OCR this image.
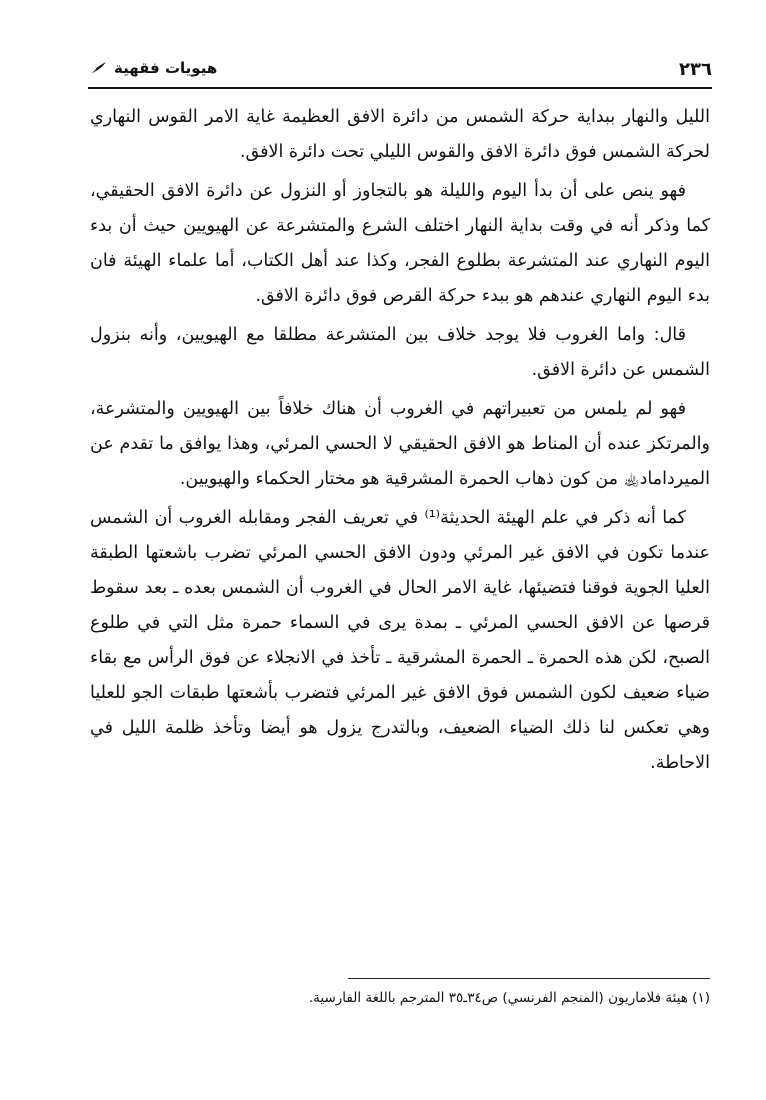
٢٣٦
هيويات فقهية

الليل والنهار ببداية حركة الشمس من دائرة الافق العظيمة غاية الامر القوس النهاري لحركة الشمس فوق دائرة الافق والقوس الليلي تحت دائرة الافق.

فهو ينص على أن بدأ اليوم والليلة هو بالتجاوز أو النزول عن دائرة الافق الحقيقي، كما وذكر أنه في وقت بداية النهار اختلف الشرع والمتشرعة عن الهيويين حيث أن بدء اليوم النهاري عند المتشرعة بطلوع الفجر، وكذا عند أهل الكتاب، أما علماء الهيئة فان بدء اليوم النهاري عندهم هو ببدء حركة القرص فوق دائرة الافق.

قال: واما الغروب فلا يوجد خلاف بين المتشرعة مطلقا مع الهيويين، وأنه بنزول الشمس عن دائرة الافق.

فهو لم يلمس من تعبيراتهم في الغروب أن هناك خلافاً بين الهيويين والمتشرعة، والمرتكز عنده أن المناط هو الافق الحقيقي لا الحسي المرئي، وهذا يوافق ما تقدم عن الميرداماد﵀ من كون ذهاب الحمرة المشرقية هو مختار الحكماء والهيويين.

كما أنه ذكر في علم الهيئة الحديثة⁽¹⁾ في تعريف الفجر ومقابله الغروب أن الشمس عندما تكون في الافق غير المرئي ودون الافق الحسي المرئي تضرب باشعتها الطبقة العليا الجوية فوقنا فتضيئها، غاية الامر الحال في الغروب أن الشمس بعده ـ بعد سقوط قرصها عن الافق الحسي المرئي ـ بمدة يرى في السماء حمرة مثل التي في طلوع الصبح، لكن هذه الحمرة ـ الحمرة المشرقية ـ تأخذ في الانجلاء عن فوق الرأس مع بقاء ضياء ضعيف لكون الشمس فوق الافق غير المرئي فتضرب بأشعتها طبقات الجو للعليا وهي تعكس لنا ذلك الضياء الضعيف، وبالتدرج يزول هو أيضا وتأخذ ظلمة الليل في الاحاطة.

(١) هيئة فلاماريون (المنجم الفرنسي) ص٣٤ـ٣٥ المترجم باللغة الفارسية.
